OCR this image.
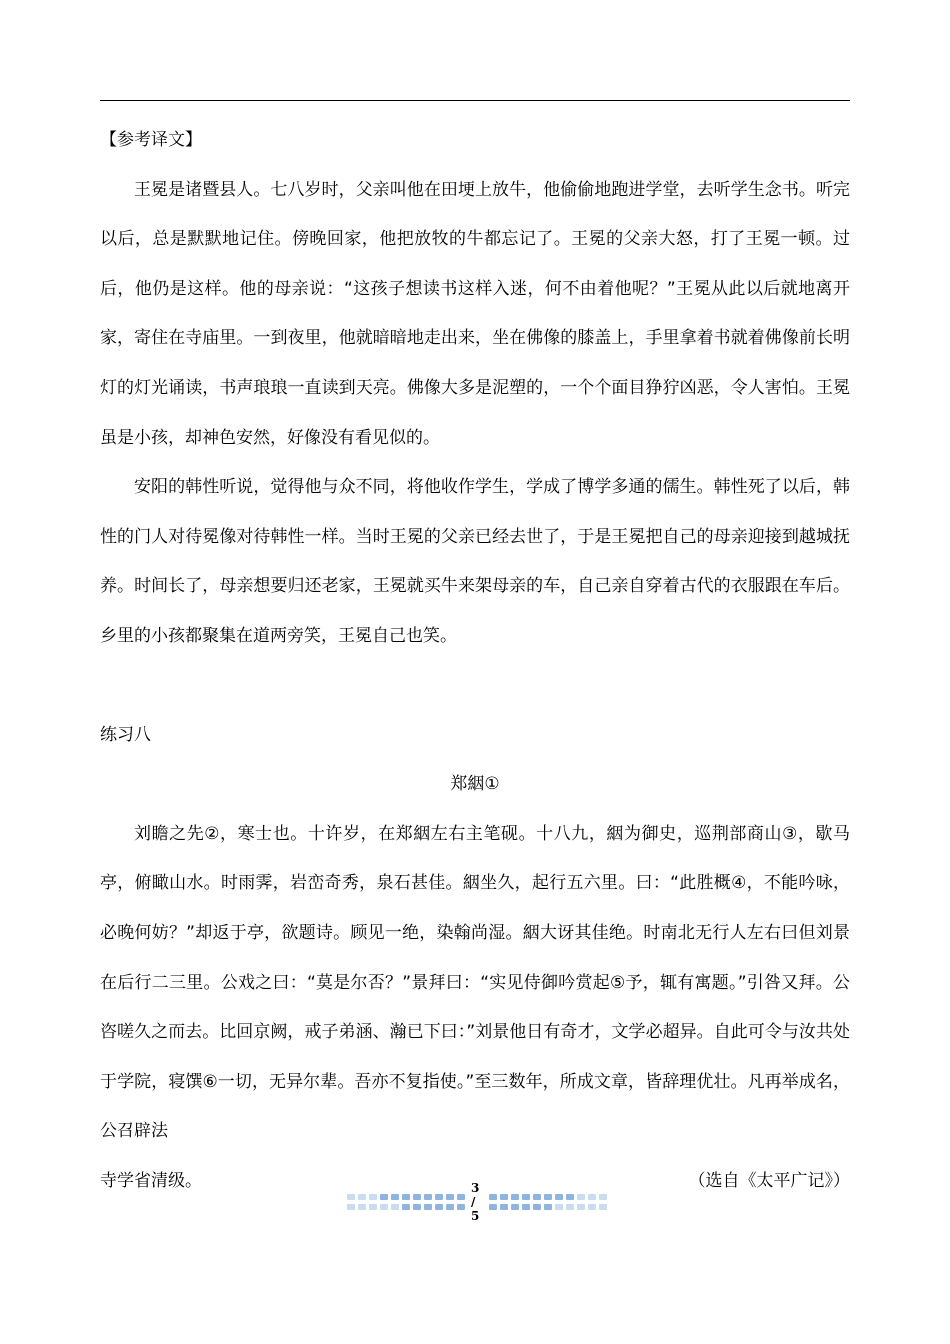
【参考译文】

王冕是诸暨县人。七八岁时，父亲叫他在田埂上放牛，他偷偷地跑进学堂，去听学生念书。听完以后，总是默默地记住。傍晚回家，他把放牧的牛都忘记了。王冕的父亲大怒，打了王冕一顿。过后，他仍是这样。他的母亲说：“这孩子想读书这样入迷，何不由着他呢？”王冕从此以后就地离开家，寄住在寺庙里。一到夜里，他就暗暗地走出来，坐在佛像的膝盖上，手里拿着书就着佛像前长明灯的灯光诵读，书声琅琅一直读到天亮。佛像大多是泥塑的，一个个面目狰狞凶恶，令人害怕。王冕虽是小孩，却神色安然，好像没有看见似的。

安阳的韩性听说，觉得他与众不同，将他收作学生，学成了博学多通的儒生。韩性死了以后，韩性的门人对待冕像对待韩性一样。当时王冕的父亲已经去世了，于是王冕把自己的母亲迎接到越城抚养。时间长了，母亲想要归还老家，王冕就买牛来架母亲的车，自己亲自穿着古代的衣服跟在车后。乡里的小孩都聚集在道两旁笑，王冕自己也笑。

练习八

郑絪①

刘瞻之先②，寒士也。十许岁，在郑絪左右主笔砚。十八九，絪为御史，巡荆部商山③，歇马亭，俯瞰山水。时雨霁，岩峦奇秀，泉石甚佳。絪坐久，起行五六里。曰：“此胜概④，不能吟咏，必晚何妨？”却返于亭，欲题诗。顾见一绝，染翰尚湿。絪大讶其佳绝。时南北无行人左右曰但刘景在后行二三里。公戏之曰：“莫是尔否？”景拜曰：“实见侍御吟赏起⑤予，辄有寓题。”引咎又拜。公咨嗟久之而去。比回京阙，戒子弟涵、瀚已下曰：”刘景他日有奇才，文学必超异。自此可令与汝共处于学院，寝馔⑥一切，无异尔辈。吾亦不复指使。”至三数年，所成文章，皆辞理优壮。凡再举成名，公召辟法

寺学省清级。	（选自《太平广记》）
3 / 5
